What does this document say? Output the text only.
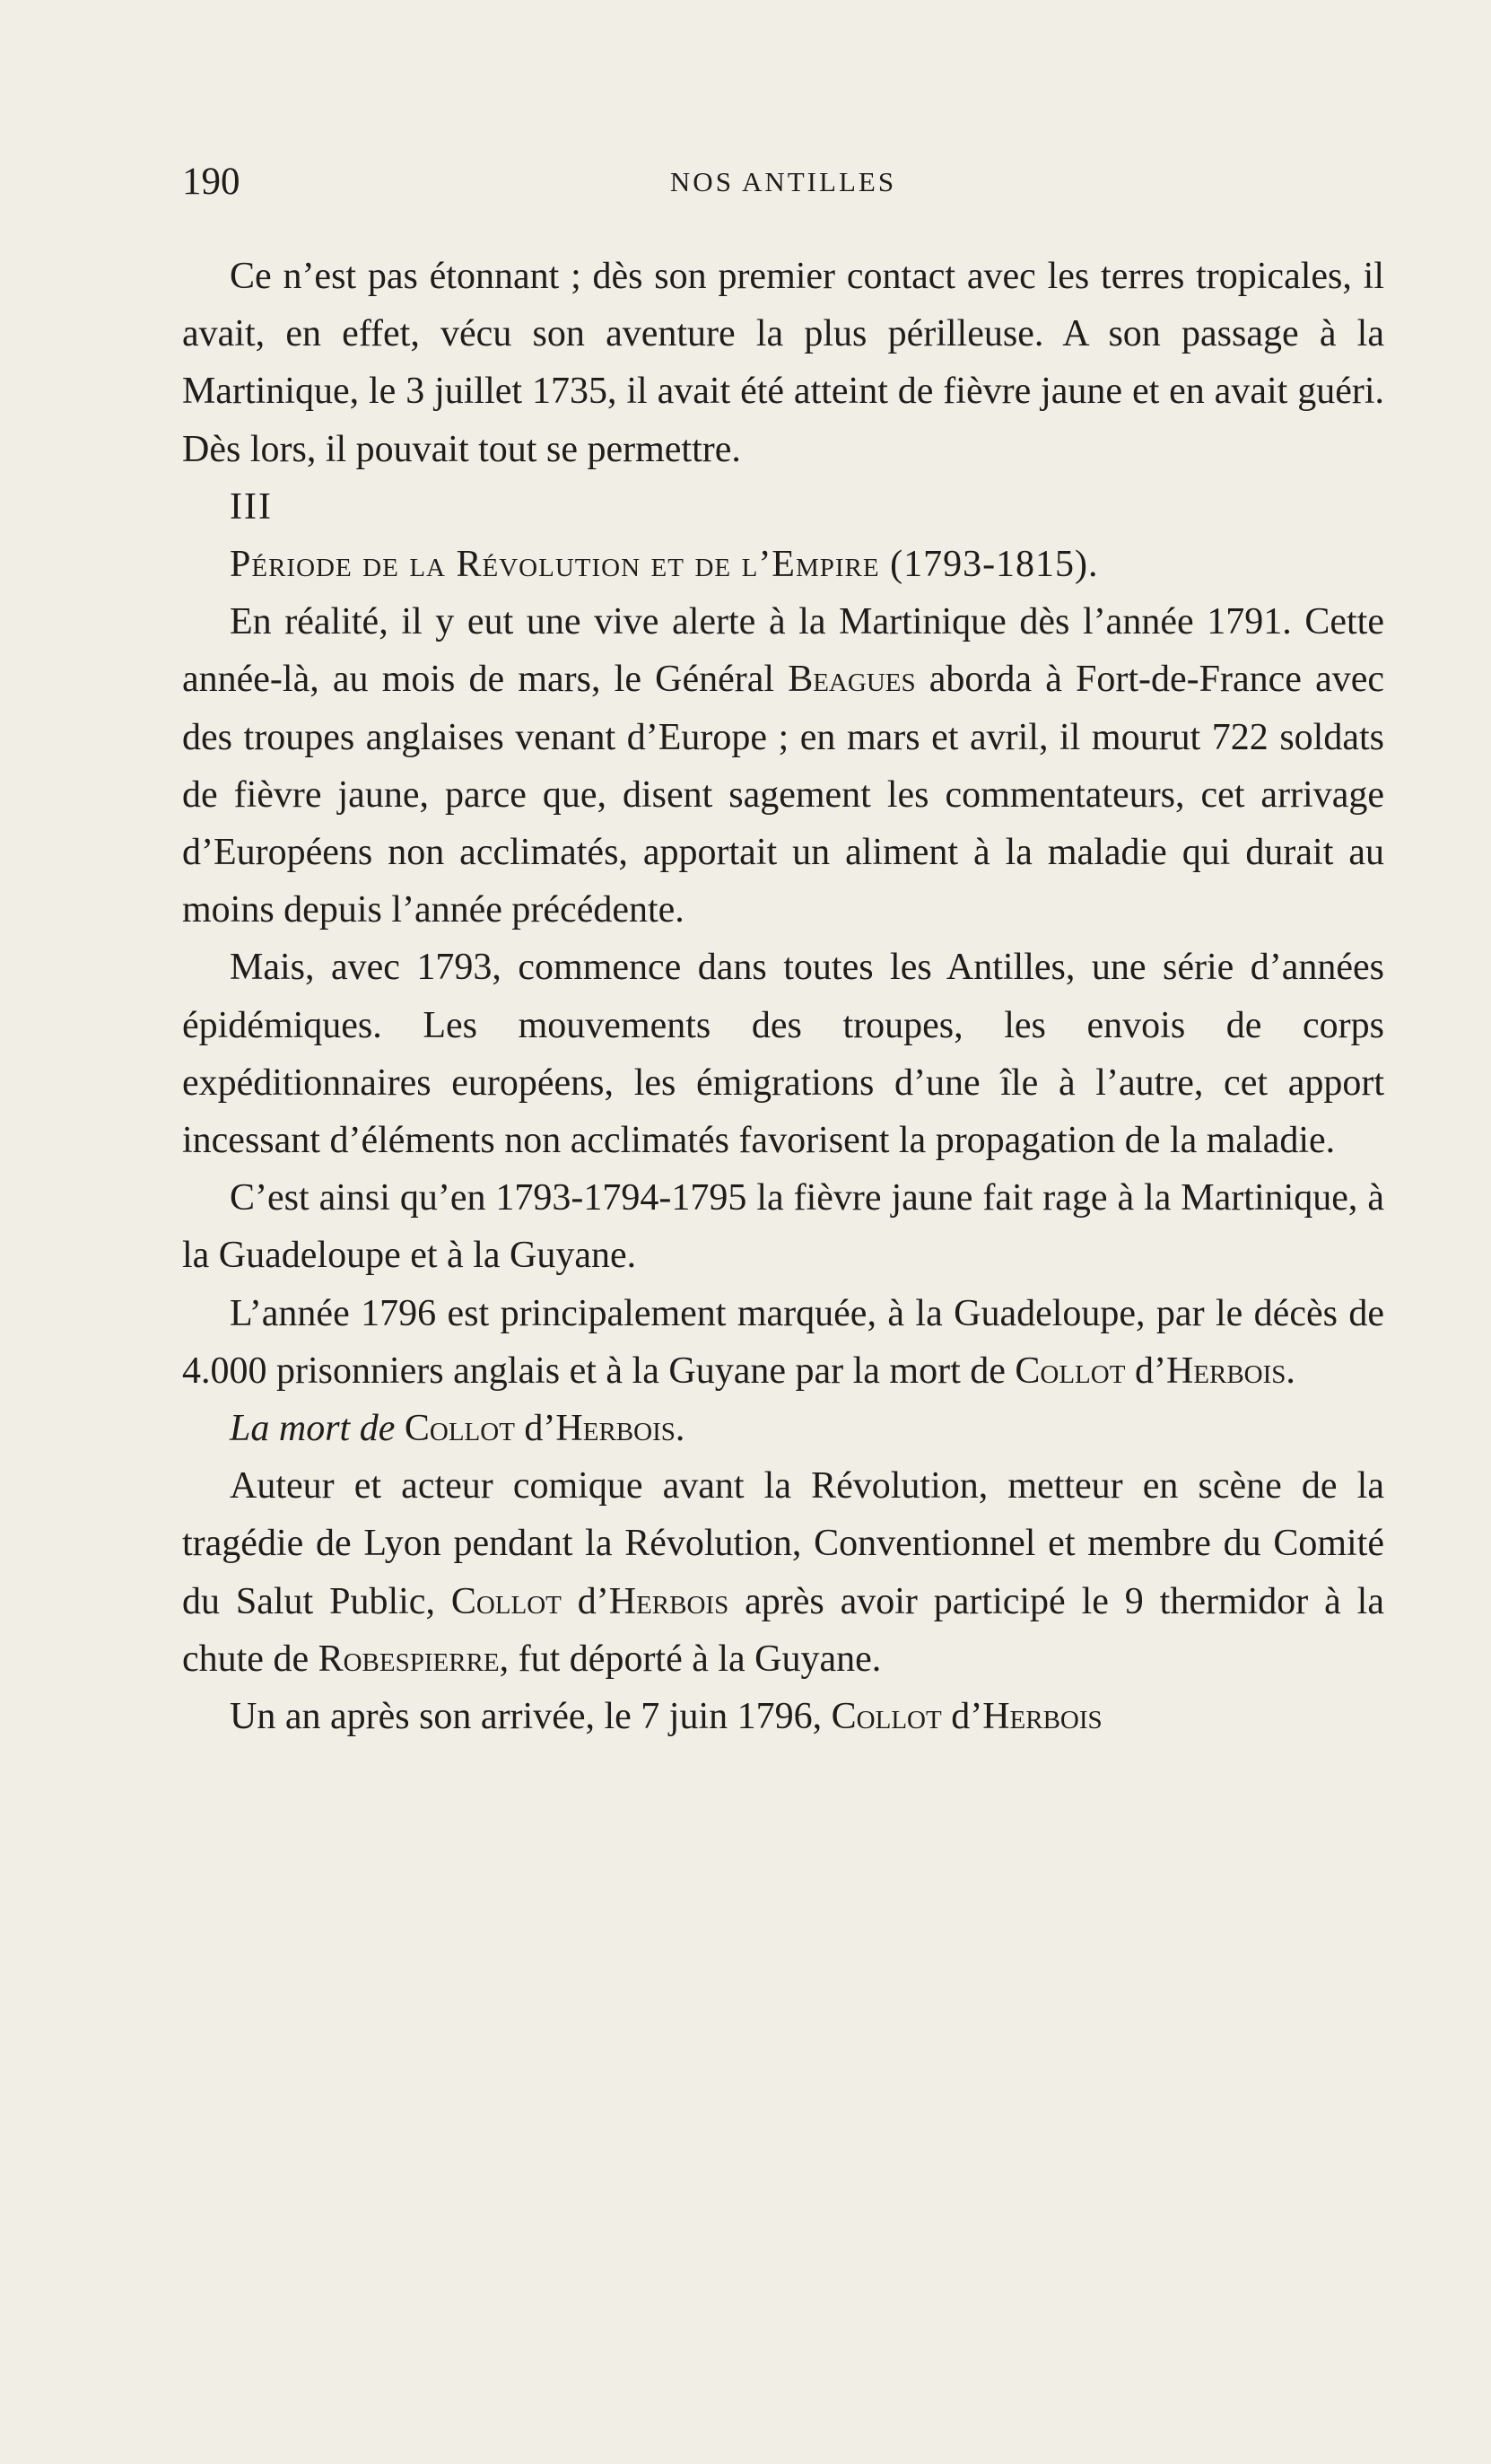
190	NOS ANTILLES

Ce n’est pas étonnant ; dès son premier contact avec les terres tropicales, il avait, en effet, vécu son aventure la plus périlleuse. A son passage à la Martinique, le 3 juillet 1735, il avait été atteint de fièvre jaune et en avait guéri. Dès lors, il pouvait tout se permettre.

III

Période de la Révolution et de l’Empire (1793-1815).

En réalité, il y eut une vive alerte à la Martinique dès l’année 1791. Cette année-là, au mois de mars, le Général Beagues aborda à Fort-de-France avec des troupes anglaises venant d’Europe ; en mars et avril, il mourut 722 soldats de fièvre jaune, parce que, disent sagement les commentateurs, cet arrivage d’Européens non acclimatés, apportait un aliment à la maladie qui durait au moins depuis l’année précédente.

Mais, avec 1793, commence dans toutes les Antilles, une série d’années épidémiques. Les mouvements des troupes, les envois de corps expéditionnaires européens, les émigrations d’une île à l’autre, cet apport incessant d’éléments non acclimatés favorisent la propagation de la maladie.

C’est ainsi qu’en 1793-1794-1795 la fièvre jaune fait rage à la Martinique, à la Guadeloupe et à la Guyane.

L’année 1796 est principalement marquée, à la Guadeloupe, par le décès de 4.000 prisonniers anglais et à la Guyane par la mort de Collot d’Herbois.

La mort de Collot d’Herbois.

Auteur et acteur comique avant la Révolution, metteur en scène de la tragédie de Lyon pendant la Révolution, Conventionnel et membre du Comité du Salut Public, Collot d’Herbois après avoir participé le 9 thermidor à la chute de Robespierre, fut déporté à la Guyane.

Un an après son arrivée, le 7 juin 1796, Collot d’Herbois
